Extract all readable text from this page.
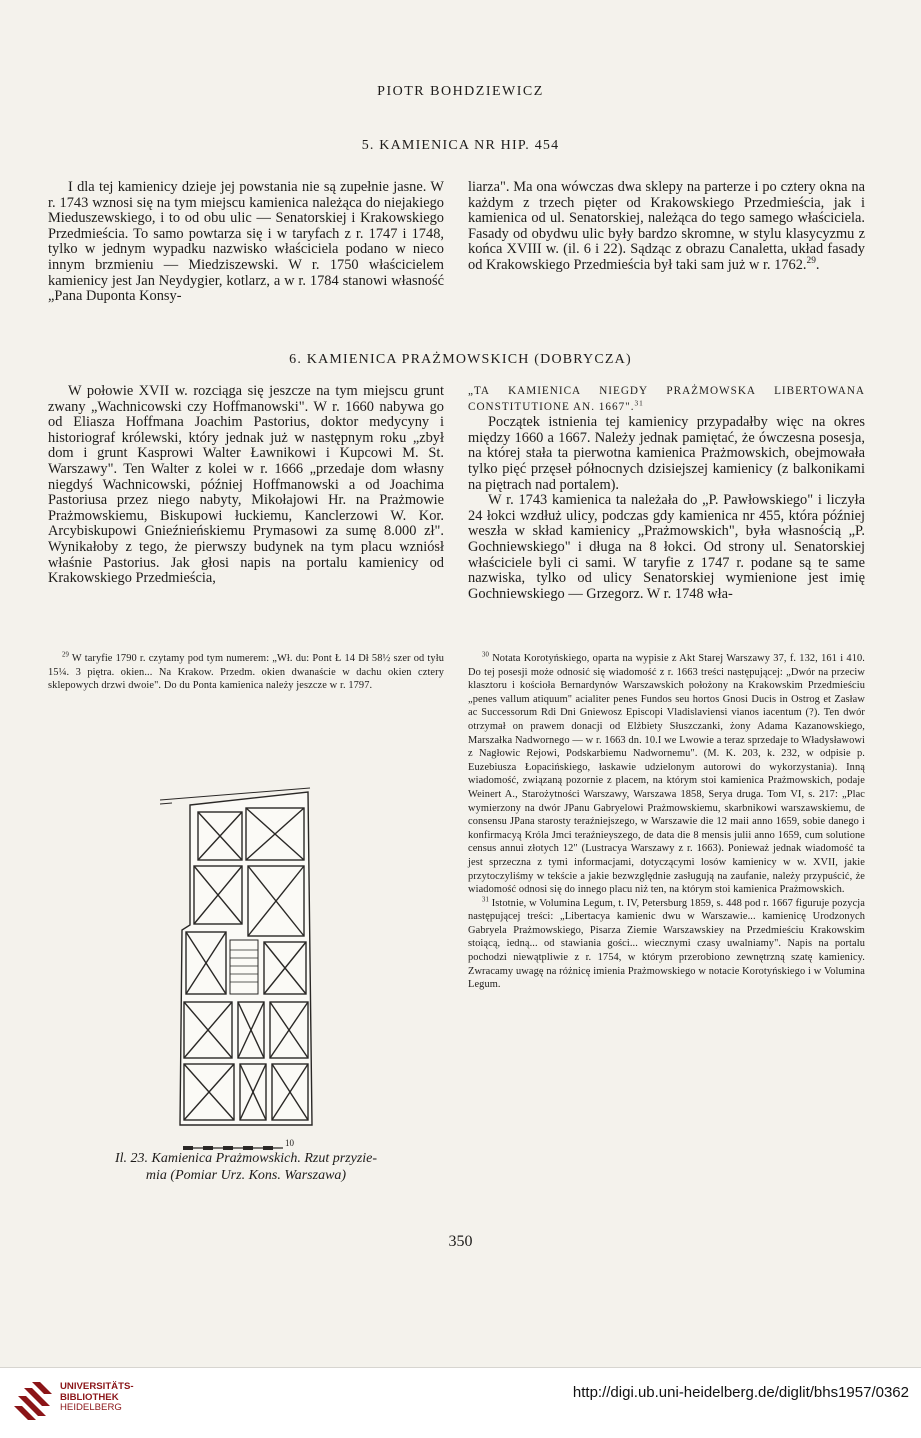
PIOTR BOHDZIEWICZ
5. KAMIENICA NR HIP. 454

I dla tej kamienicy dzieje jej powstania nie są zupełnie jasne. W r. 1743 wznosi się na tym miejscu kamienica należąca do niejakiego Mieduszewskiego, i to od obu ulic — Senatorskiej i Krakowskiego Przedmieścia. To samo powtarza się i w taryfach z r. 1747 i 1748, tylko w jednym wypadku nazwisko właściciela podano w nieco innym brzmieniu — Miedziszewski. W r. 1750 właścicielem kamienicy jest Jan Neydygier, kotlarz, a w r. 1784 stanowi własność „Pana Duponta Konsy-

liarza". Ma ona wówczas dwa sklepy na parterze i po cztery okna na każdym z trzech pięter od Krakowskiego Przedmieścia, jak i kamienica od ul. Senatorskiej, należąca do tego samego właściciela. Fasady od obydwu ulic były bardzo skromne, w stylu klasycyzmu z końca XVIII w. (il. 6 i 22). Sądząc z obrazu Canaletta, układ fasady od Krakowskiego Przedmieścia był taki sam już w r. 1762.29.

6. KAMIENICA PRAŻMOWSKICH (DOBRYCZA)

W połowie XVII w. rozciąga się jeszcze na tym miejscu grunt zwany „Wachnicowski czy Hoffmanowski". W r. 1660 nabywa go od Eliasza Hoffmana Joachim Pastorius, doktor medycyny i historiograf królewski, który jednak już w następnym roku „zbył dom i grunt Kasprowi Walter Ławnikowi i Kupcowi M. St. Warszawy". Ten Walter z kolei w r. 1666 „przedaje dom własny niegdyś Wachnicowski, później Hoffmanowski a od Joachima Pastoriusa przez niego nabyty, Mikołajowi Hr. na Prażmowie Prażmowskiemu, Biskupowi łuckiemu, Kanclerzowi W. Kor. Arcybiskupowi Gnieźnieńskiemu Prymasowi za sumę 8.000 zł". Wynikałoby z tego, że pierwszy budynek na tym placu wzniósł właśnie Pastorius. Jak głosi napis na portalu kamienicy od Krakowskiego Przedmieścia,

„TA KAMIENICA NIEGDY PRAŻMOWSKA LIBERTOWANA CONSTITUTIONE AN. 1667".$^{31}$

Początek istnienia tej kamienicy przypadałby więc na okres między 1660 a 1667. Należy jednak pamiętać, że ówczesna posesja, na której stała ta pierwotna kamienica Prażmowskich, obejmowała tylko pięć przęseł północnych dzisiejszej kamienicy (z balkonikami na piętrach nad portalem).

W r. 1743 kamienica ta należała do „P. Pawłowskiego" i liczyła 24 łokci wzdłuż ulicy, podczas gdy kamienica nr 455, która później weszła w skład kamienicy „Prażmowskich", była własnością „P. Gochniewskiego" i długa na 8 łokci. Od strony ul. Senatorskiej właściciele byli ci sami. W taryfie z 1747 r. podane są te same nazwiska, tylko od ulicy Senatorskiej wymienione jest imię Gochniewskiego — Grzegorz. W r. 1748 wła-

$^{29}$ W taryfie 1790 r. czytamy pod tym numerem: „Wł. du: Pont Ł 14 Dł 58½ szer od tyłu 15¼. 3 piętra. okien... Na Krakow. Przedm. okien dwanaście w dachu okien cztery sklepowych drzwi dwoie". Do du Ponta kamienica należy jeszcze w r. 1797.

$^{30}$ Notata Korotyńskiego, oparta na wypisie z Akt Starej Warszawy 37, f. 132, 161 i 410. Do tej posesji może odnosić się wiadomość z r. 1663 treści następującej: „Dwór na przeciw klasztoru i kościoła Bernardynów Warszawskich położony na Krakowskim Przedmieściu „penes vallum atiquum" acialiter penes Fundos seu hortos Gnosi Ducis in Ostrog et Zasław ac Successorum Rdi Dni Gniewosz Episcopi Vladislaviensi vianos iacentum (?). Ten dwór otrzymał on prawem donacji od Elżbiety Słuszczanki, żony Adama Kazanowskiego, Marszałka Nadwornego — w r. 1663 dn. 10.I we Lwowie a teraz sprzedaje to Władysławowi z Nagłowic Rejowi, Podskarbiemu Nadwornemu". (M. K. 203, k. 232, w odpisie p. Euzebiusza Łopacińskiego, łaskawie udzielonym autorowi do wykorzystania). Inną wiadomość, związaną pozornie z placem, na którym stoi kamienica Prażmowskich, podaje Weinert A., Starożytności Warszawy, Warszawa 1858, Serya druga. Tom VI, s. 217: „Plac wymierzony na dwór JPanu Gabryelowi Prażmowskiemu, skarbnikowi warszawskiemu, de consensu JPana starosty teraźniejszego, w Warszawie die 12 maii anno 1659, sobie danego i konfirmacyą Króla Jmci teraźnieyszego, de data die 8 mensis julii anno 1659, cum solutione census annui złotych 12" (Lustracya Warszawy z r. 1663). Ponieważ jednak wiadomość ta jest sprzeczna z tymi informacjami, dotyczącymi losów kamienicy w w. XVII, jakie przytoczyliśmy w tekście a jakie bezwzględnie zasługują na zaufanie, należy przypuścić, że wiadomość odnosi się do innego placu niż ten, na którym stoi kamienica Prażmowskich.

$^{31}$ Istotnie, w Volumina Legum, t. IV, Petersburg 1859, s. 448 pod r. 1667 figuruje pozycja następującej treści: „Libertacya kamienic dwu w Warszawie... kamienicę Urodzonych Gabryela Prażmowskiego, Pisarza Ziemie Warszawskiey na Przedmieściu Krakowskim stoiącą, iedną... od stawiania gości... wiecznymi czasy uwalniamy". Napis na portalu pochodzi niewątpliwie z r. 1754, w którym przerobiono zewnętrzną szatę kamienicy. Zwracamy uwagę na różnicę imienia Prażmowskiego w notacie Korotyńskiego i w Volumina Legum.

10
Il. 23. Kamienica Prażmowskich. Rzut przyzie-
mia (Pomiar Urz. Kons. Warszawa)
350
UNIVERSITÄTS-
BIBLIOTHEK
HEIDELBERG
http://digi.ub.uni-heidelberg.de/diglit/bhs1957/0362
